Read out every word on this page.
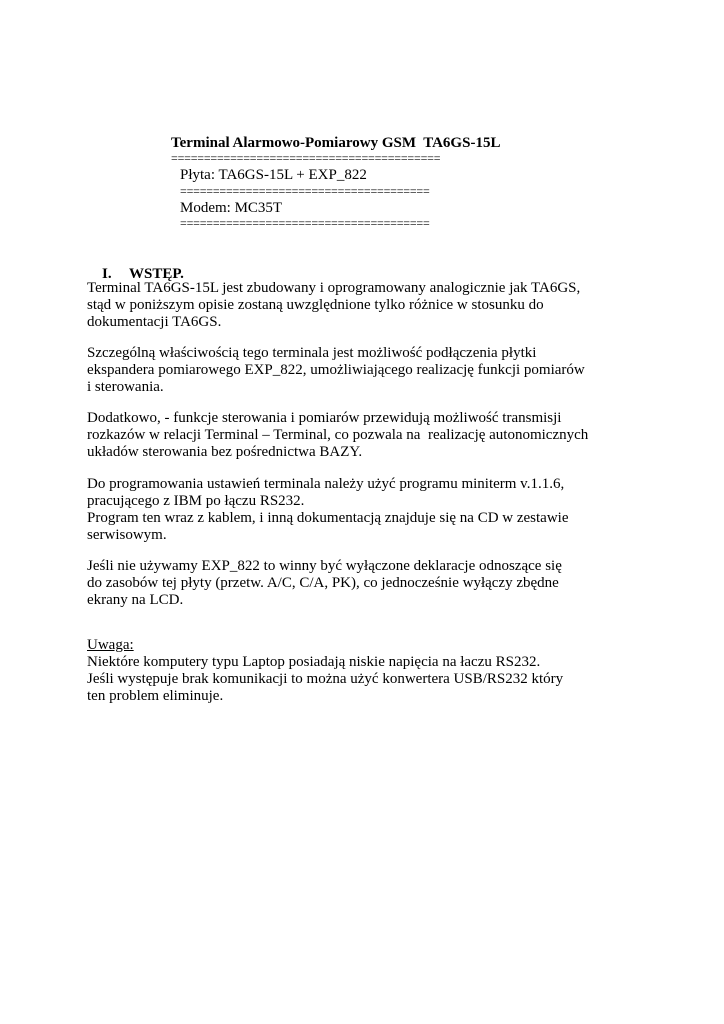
Terminal Alarmowo-Pomiarowy GSM  TA6GS-15L
=========================================
Płyta: TA6GS-15L + EXP_822
======================================
Modem: MC35T
======================================

I. WSTĘP.

Terminal TA6GS-15L jest zbudowany i oprogramowany analogicznie jak TA6GS,
stąd w poniższym opisie zostaną uwzględnione tylko różnice w stosunku do
dokumentacji TA6GS.

Szczególną właściwością tego terminala jest możliwość podłączenia płytki
ekspandera pomiarowego EXP_822, umożliwiającego realizację funkcji pomiarów
i sterowania.

Dodatkowo, - funkcje sterowania i pomiarów przewidują możliwość transmisji
rozkazów w relacji Terminal – Terminal, co pozwala na  realizację autonomicznych
układów sterowania bez pośrednictwa BAZY.

Do programowania ustawień terminala należy użyć programu miniterm v.1.1.6,
pracującego z IBM po łączu RS232.
Program ten wraz z kablem, i inną dokumentacją znajduje się na CD w zestawie
serwisowym.

Jeśli nie używamy EXP_822 to winny być wyłączone deklaracje odnoszące się
do zasobów tej płyty (przetw. A/C, C/A, PK), co jednocześnie wyłączy zbędne
ekrany na LCD.

Uwaga:
Niektóre komputery typu Laptop posiadają niskie napięcia na łaczu RS232.
Jeśli występuje brak komunikacji to można użyć konwertera USB/RS232 który
ten problem eliminuje.
